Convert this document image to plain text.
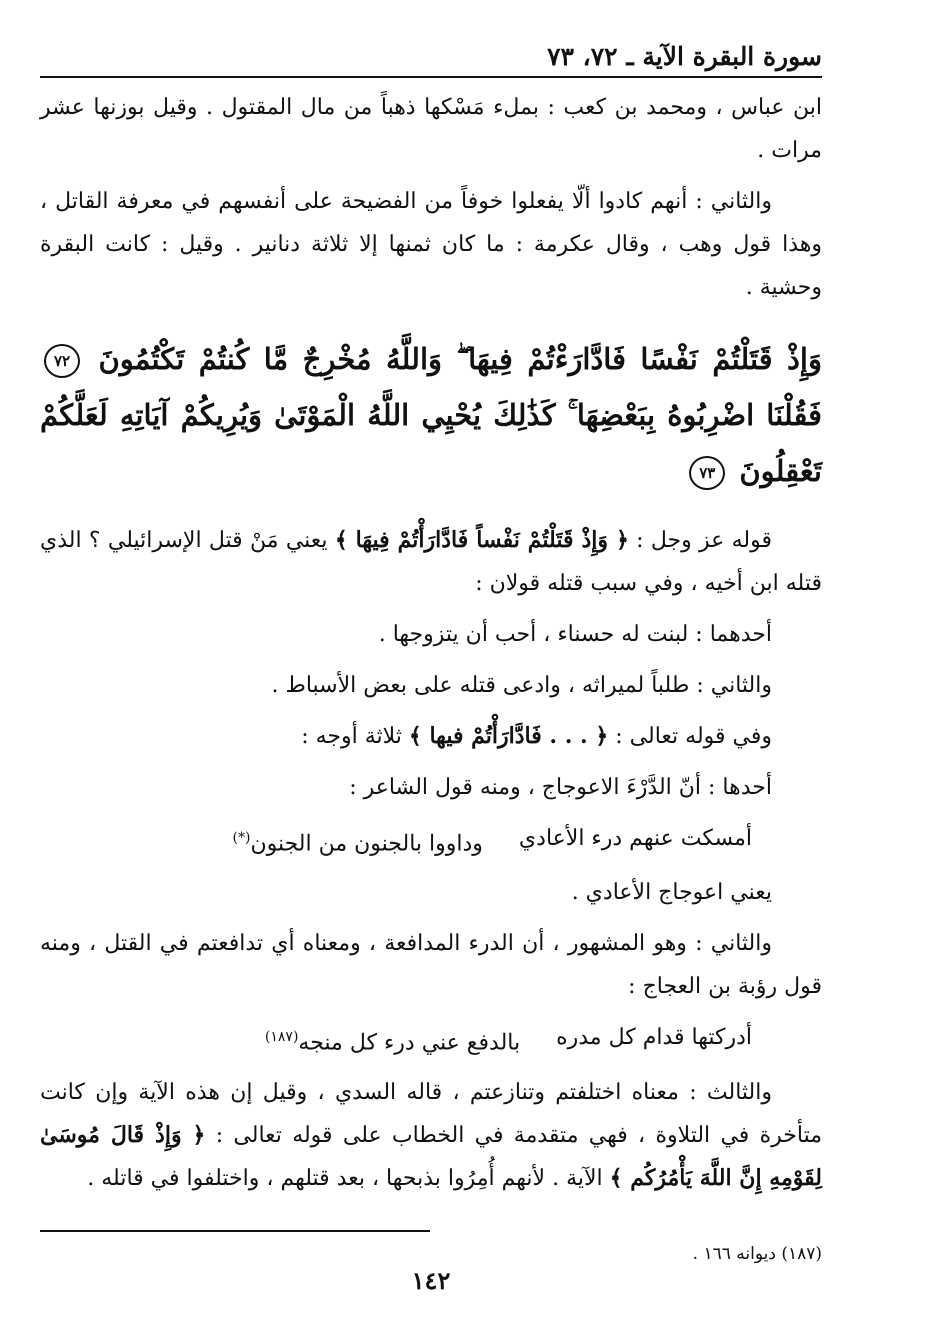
سورة البقرة الآية ـ ٧٢، ٧٣

ابن عباس ، ومحمد بن كعب : بملء مَسْكها ذهباً من مال المقتول . وقيل بوزنها عشر مرات .

والثاني : أنهم كادوا ألّا يفعلوا خوفاً من الفضيحة على أنفسهم في معرفة القاتل ، وهذا قول وهب ، وقال عكرمة : ما كان ثمنها إلا ثلاثة دنانير . وقيل : كانت البقرة وحشية .

وَإِذْ قَتَلْتُمْ نَفْسًا فَادَّارَءْتُمْ فِيهَا ۖ وَاللَّهُ مُخْرِجٌ مَّا كُنتُمْ تَكْتُمُونَ ٧٢ فَقُلْنَا اضْرِبُوهُ بِبَعْضِهَا ۚ كَذَٰلِكَ يُحْيِي اللَّهُ الْمَوْتَىٰ وَيُرِيكُمْ آيَاتِهِ لَعَلَّكُمْ تَعْقِلُونَ ٧٣

قوله عز وجل : ﴿ وَإِذْ قَتَلْتُمْ نَفْساً فَادَّارَأْتُمْ فِيهَا ﴾ يعني مَنْ قتل الإسرائيلي ؟ الذي قتله ابن أخيه ، وفي سبب قتله قولان :

أحدهما : لبنت له حسناء ، أحب أن يتزوجها .

والثاني : طلباً لميراثه ، وادعى قتله على بعض الأسباط .

وفي قوله تعالى : ﴿ . . . فَادَّارَأْتُمْ فيها ﴾ ثلاثة أوجه :

أحدها : أنّ الدَّرْءَ الاعوجاج ، ومنه قول الشاعر :

أمسكت عنهم درء الأعادي
وداووا بالجنون من الجنون(*)

يعني اعوجاج الأعادي .

والثاني : وهو المشهور ، أن الدرء المدافعة ، ومعناه أي تدافعتم في القتل ، ومنه قول رؤبة بن العجاج :

أدركتها قدام كل مدره
بالدفع عني درء كل منجه$^{(١٨٧)}$

والثالث : معناه اختلفتم وتنازعتم ، قاله السدي ، وقيل إن هذه الآية وإن كانت متأخرة في التلاوة ، فهي متقدمة في الخطاب على قوله تعالى : ﴿ وَإِذْ قَالَ مُوسَىٰ لِقَوْمِهِ إِنَّ اللَّهَ يَأْمُرُكُم ﴾ الآية . لأنهم أُمِرُوا بذبحها ، بعد قتلهم ، واختلفوا في قاتله .

(١٨٧) ديوانه ١٦٦ .
١٤٢
